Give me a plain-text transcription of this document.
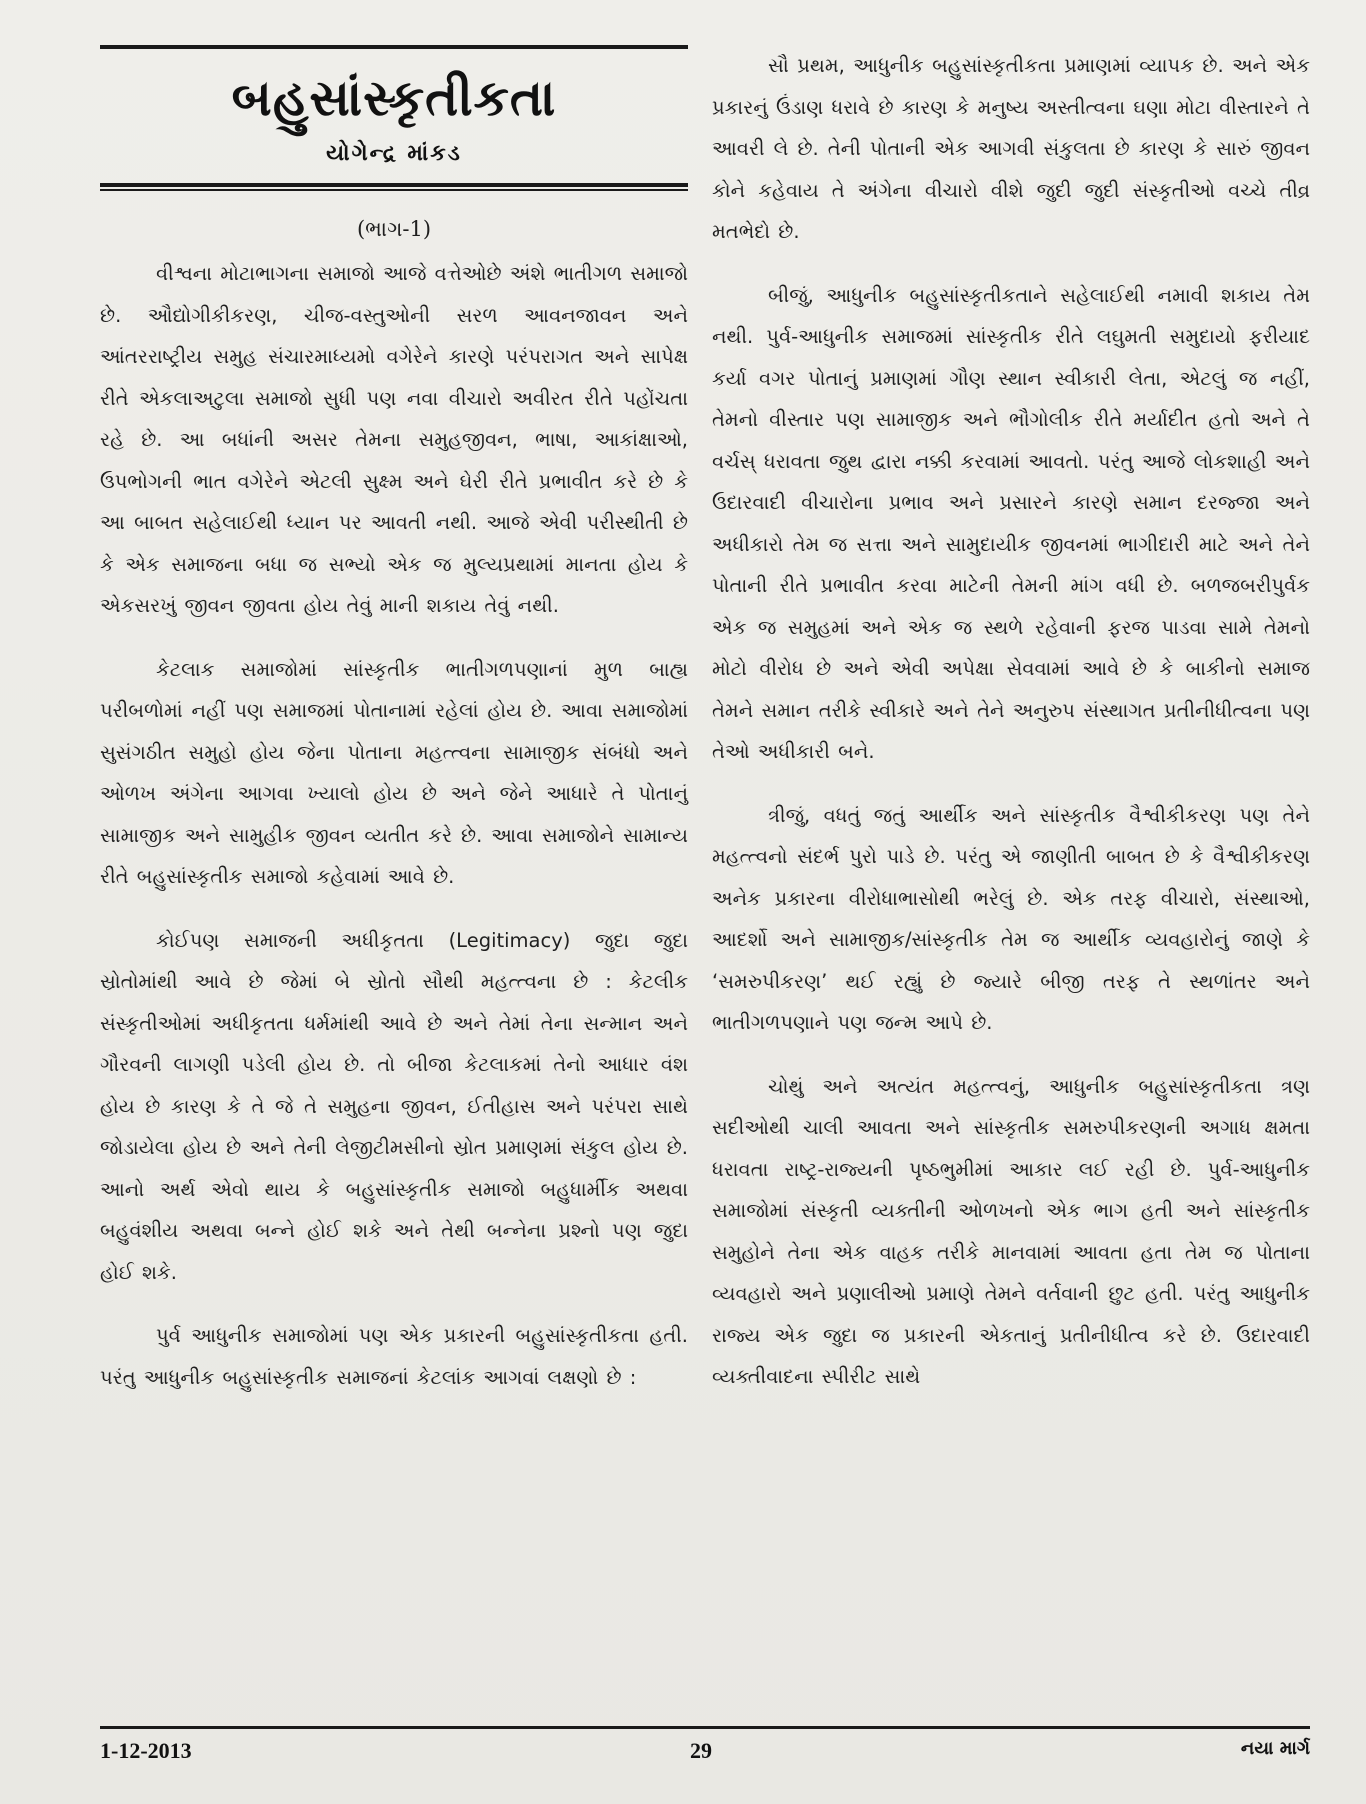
બહુસાંસ્કૃતીકતા
યોગેન્દ્ર માંકડ
(ભાગ-1)

વીશ્વના મોટાભાગના સમાજો આજે વત્તેઓછે અંશે ભાતીગળ સમાજો છે. ઔદ્યોગીકીકરણ, ચીજ-વસ્તુઓની સરળ આવનજાવન અને આંતરરાષ્ટ્રીય સમુહ સંચારમાધ્યમો વગેરેને કારણે પરંપરાગત અને સાપેક્ષ રીતે એકલાઅટુલા સમાજો સુધી પણ નવા વીચારો અવીરત રીતે પહોંચતા રહે છે. આ બધાંની અસર તેમના સમુહજીવન, ભાષા, આકાંક્ષાઓ, ઉપભોગની ભાત વગેરેને એટલી સુક્ષ્મ અને ઘેરી રીતે પ્રભાવીત કરે છે કે આ બાબત સહેલાઈથી ધ્યાન પર આવતી નથી. આજે એવી પરીસ્થીતી છે કે એક સમાજના બધા જ સભ્યો એક જ મુલ્યપ્રથામાં માનતા હોય કે એકસરખું જીવન જીવતા હોય તેવું માની શકાય તેવું નથી.

કેટલાક સમાજોમાં સાંસ્કૃતીક ભાતીગળપણાનાં મુળ બાહ્ય પરીબળોમાં નહીં પણ સમાજમાં પોતાનામાં રહેલાં હોય છે. આવા સમાજોમાં સુસંગઠીત સમુહો હોય જેના પોતાના મહત્ત્વના સામાજીક સંબંધો અને ઓળખ અંગેના આગવા ખ્યાલો હોય છે અને જેને આધારે તે પોતાનું સામાજીક અને સામુહીક જીવન વ્યતીત કરે છે. આવા સમાજોને સામાન્ય રીતે બહુસાંસ્કૃતીક સમાજો કહેવામાં આવે છે.

કોઈપણ સમાજની અધીકૃતતા (Legitimacy) જુદા જુદા સ્રોતોમાંથી આવે છે જેમાં બે સ્રોતો સૌથી મહત્ત્વના છે : કેટલીક સંસ્કૃતીઓમાં અધીકૃતતા ધર્મમાંથી આવે છે અને તેમાં તેના સન્માન અને ગૌરવની લાગણી પડેલી હોય છે. તો બીજા કેટલાકમાં તેનો આધાર વંશ હોય છે કારણ કે તે જે તે સમુહના જીવન, ઈતીહાસ અને પરંપરા સાથે જોડાયેલા હોય છે અને તેની લેજીટીમસીનો સ્રોત પ્રમાણમાં સંકુલ હોય છે. આનો અર્થ એવો થાય કે બહુસાંસ્કૃતીક સમાજો બહુધાર્મીક અથવા બહુવંશીય અથવા બન્ને હોઈ શકે અને તેથી બન્નેના પ્રશ્નો પણ જુદા હોઈ શકે.

પુર્વ આધુનીક સમાજોમાં પણ એક પ્રકારની બહુસાંસ્કૃતીકતા હતી. પરંતુ આધુનીક બહુસાંસ્કૃતીક સમાજનાં કેટલાંક આગવાં લક્ષણો છે :

સૌ પ્રથમ, આધુનીક બહુસાંસ્કૃતીકતા પ્રમાણમાં વ્યાપક છે. અને એક પ્રકારનું ઉંડાણ ધરાવે છે કારણ કે મનુષ્ય અસ્તીત્વના ઘણા મોટા વીસ્તારને તે આવરી લે છે. તેની પોતાની એક આગવી સંકુલતા છે કારણ કે સારું જીવન કોને કહેવાય તે અંગેના વીચારો વીશે જુદી જુદી સંસ્કૃતીઓ વચ્ચે તીવ્ર મતભેદો છે.

બીજું, આધુનીક બહુસાંસ્કૃતીકતાને સહેલાઈથી નમાવી શકાય તેમ નથી. પુર્વ-આધુનીક સમાજમાં સાંસ્કૃતીક રીતે લઘુમતી સમુદાયો ફરીયાદ કર્યા વગર પોતાનું પ્રમાણમાં ગૌણ સ્થાન સ્વીકારી લેતા, એટલું જ નહીં, તેમનો વીસ્તાર પણ સામાજીક અને ભૌગોલીક રીતે મર્યાદીત હતો અને તે વર્ચસ્ ધરાવતા જુથ દ્વારા નક્કી કરવામાં આવતો. પરંતુ આજે લોકશાહી અને ઉદારવાદી વીચારોના પ્રભાવ અને પ્રસારને કારણે સમાન દરજ્જા અને અધીકારો તેમ જ સત્તા અને સામુદાયીક જીવનમાં ભાગીદારી માટે અને તેને પોતાની રીતે પ્રભાવીત કરવા માટેની તેમની માંગ વધી છે. બળજબરીપુર્વક એક જ સમુહમાં અને એક જ સ્થળે રહેવાની ફરજ પાડવા સામે તેમનો મોટો વીરોધ છે અને એવી અપેક્ષા સેવવામાં આવે છે કે બાકીનો સમાજ તેમને સમાન તરીકે સ્વીકારે અને તેને અનુરુપ સંસ્થાગત પ્રતીનીધીત્વના પણ તેઓ અધીકારી બને.

ત્રીજું, વધતું જતું આર્થીક અને સાંસ્કૃતીક વૈશ્વીકીકરણ પણ તેને મહત્ત્વનો સંદર્ભ પુરો પાડે છે. પરંતુ એ જાણીતી બાબત છે કે વૈશ્વીકીકરણ અનેક પ્રકારના વીરોધાભાસોથી ભરેલું છે. એક તરફ વીચારો, સંસ્થાઓ, આદર્શો અને સામાજીક/સાંસ્કૃતીક તેમ જ આર્થીક વ્યવહારોનું જાણે કે ‘સમરુપીકરણ’ થઈ રહ્યું છે જ્યારે બીજી તરફ તે સ્થળાંતર અને ભાતીગળપણાને પણ જન્મ આપે છે.

ચોથું અને અત્યંત મહત્ત્વનું, આધુનીક બહુસાંસ્કૃતીકતા ત્રણ સદીઓથી ચાલી આવતા અને સાંસ્કૃતીક સમરુપીકરણની અગાધ ક્ષમતા ધરાવતા રાષ્ટ્ર-રાજ્યની પૃષ્ઠભુમીમાં આકાર લઈ રહી છે. પુર્વ-આધુનીક સમાજોમાં સંસ્કૃતી વ્યક્તીની ઓળખનો એક ભાગ હતી અને સાંસ્કૃતીક સમુહોને તેના એક વાહક તરીકે માનવામાં આવતા હતા તેમ જ પોતાના વ્યવહારો અને પ્રણાલીઓ પ્રમાણે તેમને વર્તવાની છુટ હતી. પરંતુ આધુનીક રાજ્ય એક જુદા જ પ્રકારની એકતાનું પ્રતીનીધીત્વ કરે છે. ઉદારવાદી વ્યક્તીવાદના સ્પીરીટ સાથે

1-12-2013	29	નયા માર્ગ
